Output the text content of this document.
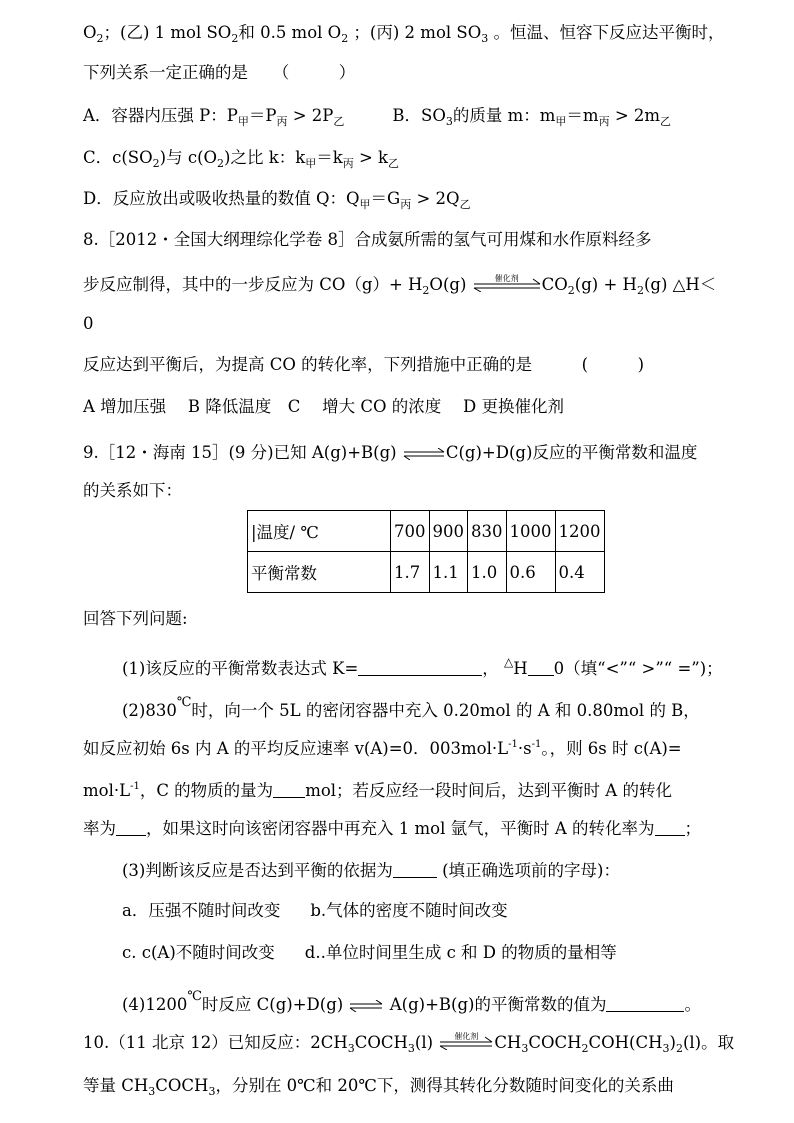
$O_2$；(乙) 1 mol $SO_2$和 0.5 mol $O_2$ ；(丙) 2 mol $SO_3$ 。恒温、恒容下反应达平衡时，
下列关系一定正确的是　　（　　　）
A．容器内压强 P：$P_甲=P_丙 > 2P_乙$	B．$SO_3$的质量 m：$m_甲=m_丙 > 2m_乙$
C．$c(SO_2)$与 $c(O_2)$之比 k：$k_甲=k_丙 > k_乙$
D．反应放出或吸收热量的数值 Q：$Q_甲=G_丙 > 2Q_乙$
8.［2012・全国大纲理综化学卷 8］合成氨所需的氢气可用煤和水作原料经多
步反应制得，其中的一步反应为 $CO(g)+ H_2O(g)$	催化剂	$CO_2(g) + H_2(g)$ △H＜
0
反应达到平衡后，为提高 CO 的转化率，下列措施中正确的是　　　(　　　)
A 增加压强　 B 降低温度　C　 增大 CO 的浓度　 D 更换催化剂
9.［12・海南 15］(9 分)已知 A(g)+B(g) ⇌C(g)+D(g)反应的平衡常数和温度
的关系如下：
|温度/ ℃	700	900	830	1000	1200
平衡常数	1.7	1.1	1.0	0.6	0.4
回答下列问题:
(1)该反应的平衡常数表达式 K=	， △H 0（填“<”“ >”“ =”)；
(2)830℃时，向一个 5L 的密闭容器中充入 0.20mol 的 A 和 0.80mol 的 B，
如反应初始 6s 内 A 的平均反应速率 v(A)=0．$003mol\cdot L^{-1}\cdot s^{-1}$。，则 6s 时 c(A)=
$mol\cdot L^{-1}$，C 的物质的量为 mol；若反应经一段时间后，达到平衡时 A 的转化
率为 ，如果这时向该密闭容器中再充入 1 mol 氩气，平衡时 A 的转化率为 ；
(3)判断该反应是否达到平衡的依据为	(填正确选项前的字母)：
a．压强不随时间改变 b.气体的密度不随时间改变
c. c(A)不随时间改变 d..单位时间里生成 c 和 D 的物质的量相等
(4)1200℃时反应 C(g)+D(g) ⇌ A(g)+B(g)的平衡常数的值为	。
10.（11 北京 12）已知反应：$2CH_3COCH_3(l)$	催化剂 $CH_3COCH_2COH(CH_3)_2(l)$。取
等量 $CH_3COCH_3$，分别在 0℃和 20℃下，测得其转化分数随时间变化的关系曲
